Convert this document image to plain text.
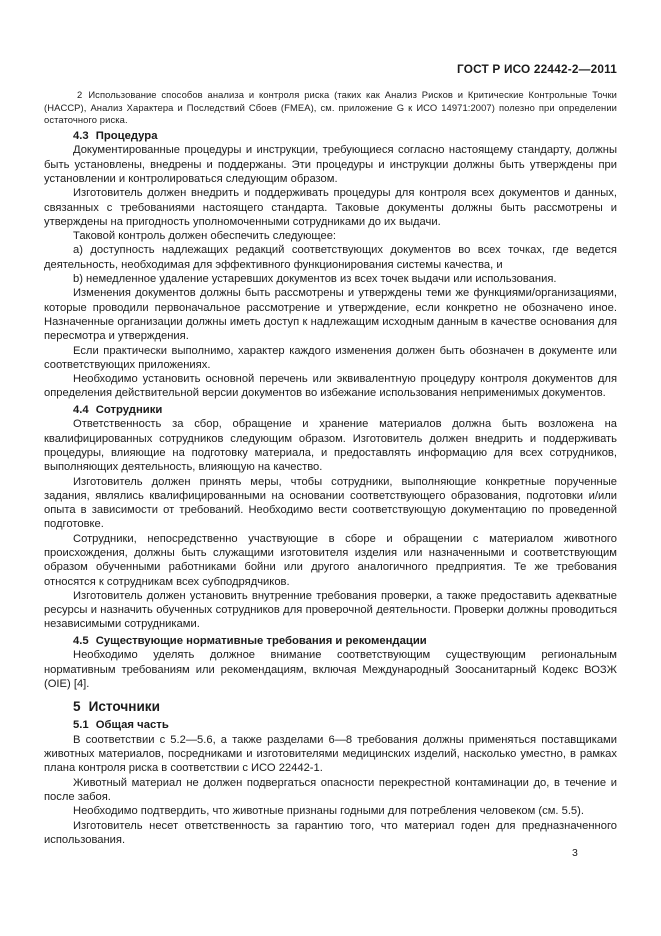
ГОСТ Р ИСО 22442-2—2011

2 Использование способов анализа и контроля риска (таких как Анализ Рисков и Критические Контрольные Точки (HACCP), Анализ Характера и Последствий Сбоев (FMEA), см. приложение G к ИСО 14971:2007) полезно при определении остаточного риска.

4.3 Процедура

Документированные процедуры и инструкции, требующиеся согласно настоящему стандарту, должны быть установлены, внедрены и поддержаны. Эти процедуры и инструкции должны быть утверждены при установлении и контролироваться следующим образом.

Изготовитель должен внедрить и поддерживать процедуры для контроля всех документов и данных, связанных с требованиями настоящего стандарта. Таковые документы должны быть рассмотрены и утверждены на пригодность уполномоченными сотрудниками до их выдачи.

Таковой контроль должен обеспечить следующее:

a) доступность надлежащих редакций соответствующих документов во всех точках, где ведется деятельность, необходимая для эффективного функционирования системы качества, и

b) немедленное удаление устаревших документов из всех точек выдачи или использования.

Изменения документов должны быть рассмотрены и утверждены теми же функциями/организациями, которые проводили первоначальное рассмотрение и утверждение, если конкретно не обозначено иное. Назначенные организации должны иметь доступ к надлежащим исходным данным в качестве основания для пересмотра и утверждения.

Если практически выполнимо, характер каждого изменения должен быть обозначен в документе или соответствующих приложениях.

Необходимо установить основной перечень или эквивалентную процедуру контроля документов для определения действительной версии документов во избежание использования неприменимых документов.

4.4 Сотрудники

Ответственность за сбор, обращение и хранение материалов должна быть возложена на квалифицированных сотрудников следующим образом. Изготовитель должен внедрить и поддерживать процедуры, влияющие на подготовку материала, и предоставлять информацию для всех сотрудников, выполняющих деятельность, влияющую на качество.

Изготовитель должен принять меры, чтобы сотрудники, выполняющие конкретные порученные задания, являлись квалифицированными на основании соответствующего образования, подготовки и/или опыта в зависимости от требований. Необходимо вести соответствующую документацию по проведенной подготовке.

Сотрудники, непосредственно участвующие в сборе и обращении с материалом животного происхождения, должны быть служащими изготовителя изделия или назначенными и соответствующим образом обученными работниками бойни или другого аналогичного предприятия. Те же требования относятся к сотрудникам всех субподрядчиков.

Изготовитель должен установить внутренние требования проверки, а также предоставить адекватные ресурсы и назначить обученных сотрудников для проверочной деятельности. Проверки должны проводиться независимыми сотрудниками.

4.5 Существующие нормативные требования и рекомендации

Необходимо уделять должное внимание соответствующим существующим региональным нормативным требованиям или рекомендациям, включая Международный Зоосанитарный Кодекс ВОЗЖ (OIE) [4].

5 Источники
5.1 Общая часть

В соответствии с 5.2—5.6, а также разделами 6—8 требования должны применяться поставщиками животных материалов, посредниками и изготовителями медицинских изделий, насколько уместно, в рамках плана контроля риска в соответствии с ИСО 22442-1.

Животный материал не должен подвергаться опасности перекрестной контаминации до, в течение и после забоя.

Необходимо подтвердить, что животные признаны годными для потребления человеком (см. 5.5).

Изготовитель несет ответственность за гарантию того, что материал годен для предназначенного использования.

3
